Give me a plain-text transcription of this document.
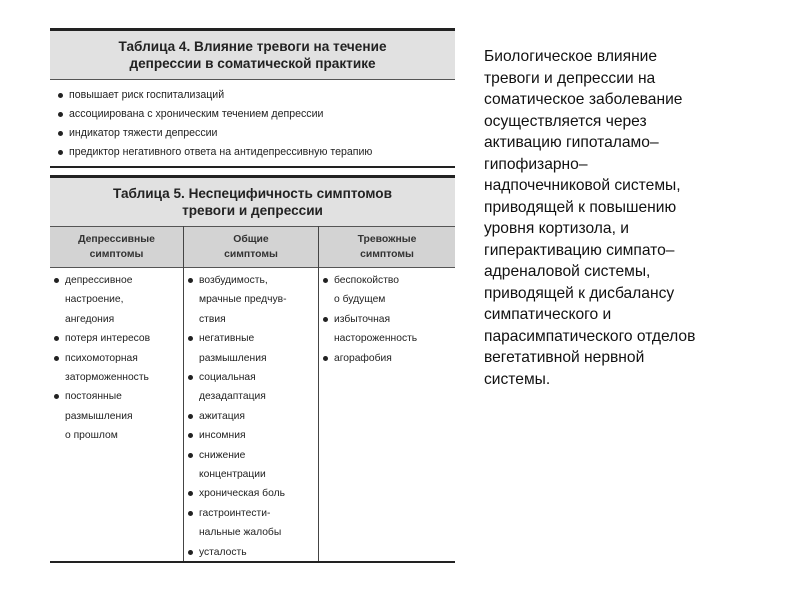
Таблица 4. Влияние тревоги на течение
депрессии в соматической практике
повышает риск госпитализаций
ассоциирована с хроническим течением депрессии
индикатор тяжести депрессии
предиктор негативного ответа на антидепрессивную терапию
Таблица 5. Неспецифичность симптомов
тревоги и депрессии
Депрессивные
симптомы
депрессивное
настроение,
ангедония
потеря интересов
психомоторная
заторможенность
постоянные
размышления
о прошлом
Общие
симптомы
возбудимость,
мрачные предчув-
ствия
негативные
размышления
социальная
дезадаптация
ажитация
инсомния
снижение
концентрации
хроническая боль
гастроинтести-
нальные жалобы
усталость
Тревожные
симптомы
беспокойство
о будущем
избыточная
настороженность
агорафобия
Биологическое влияние
тревоги и депрессии на
соматическое заболевание
осуществляется через
активацию гипоталамо–
гипофизарно–
надпочечниковой системы,
приводящей к повышению
уровня кортизола, и
гиперактивацию симпато–
адреналовой системы,
приводящей к дисбалансу
симпатического и
парасимпатического отделов
вегетативной нервной
системы.
